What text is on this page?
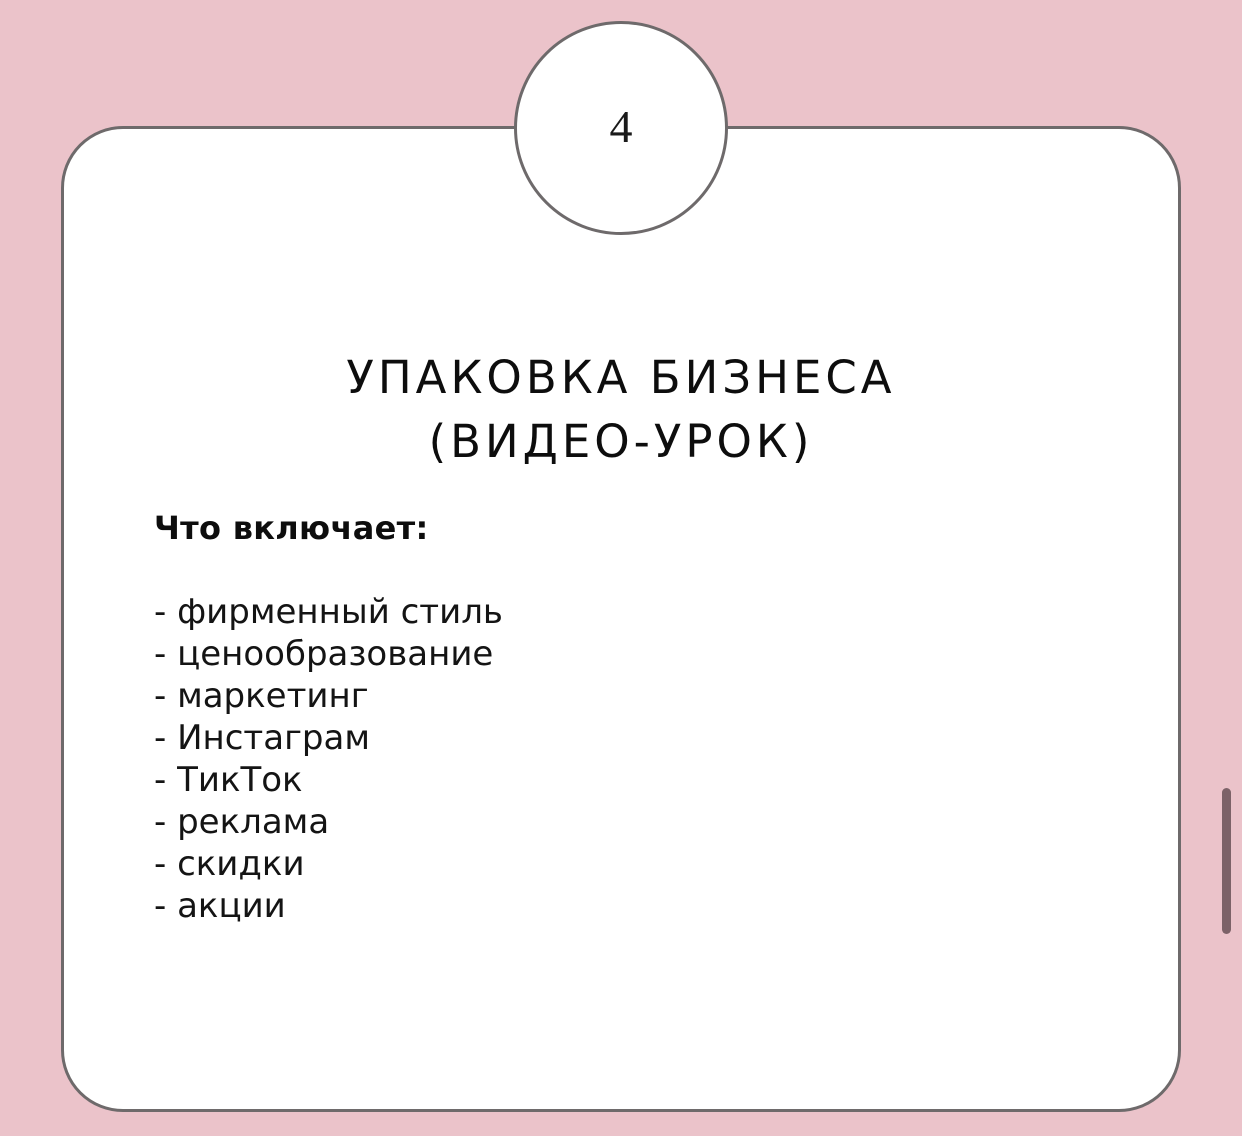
4
УПАКОВКА БИЗНЕСА
(ВИДЕО-УРОК)
Что включает:
- фирменный стиль
- ценообразование
- маркетинг
- Инстаграм
- ТикТок
- реклама
- скидки
- акции
